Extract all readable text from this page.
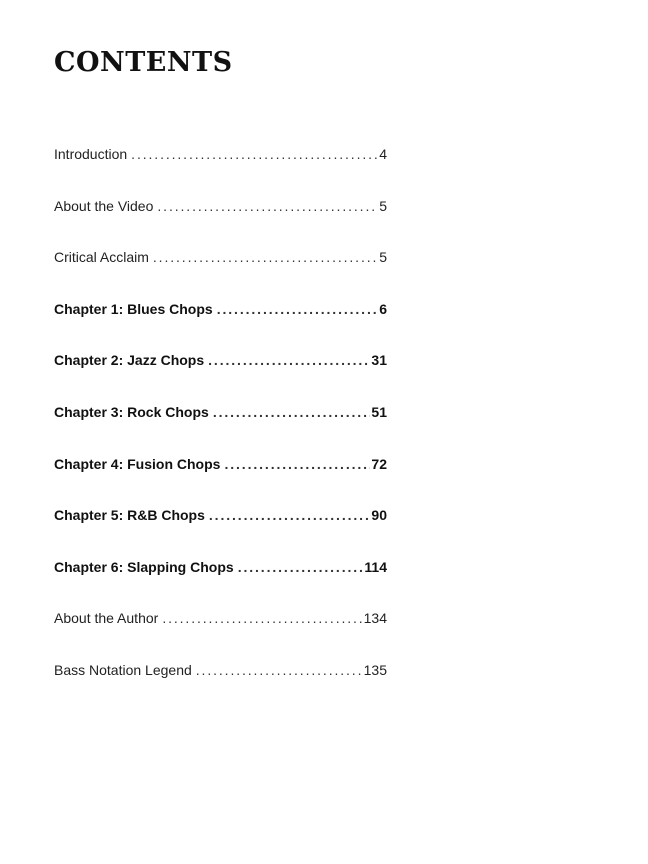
CONTENTS
Introduction . . .	4
About the Video . . .	5
Critical Acclaim . . .	5
Chapter 1: Blues Chops . . .	6
Chapter 2: Jazz Chops . . .	31
Chapter 3: Rock Chops . . .	51
Chapter 4: Fusion Chops . . .	72
Chapter 5: R&B Chops . . .	90
Chapter 6: Slapping Chops . . .	114
About the Author . . .	134
Bass Notation Legend . . .	135
